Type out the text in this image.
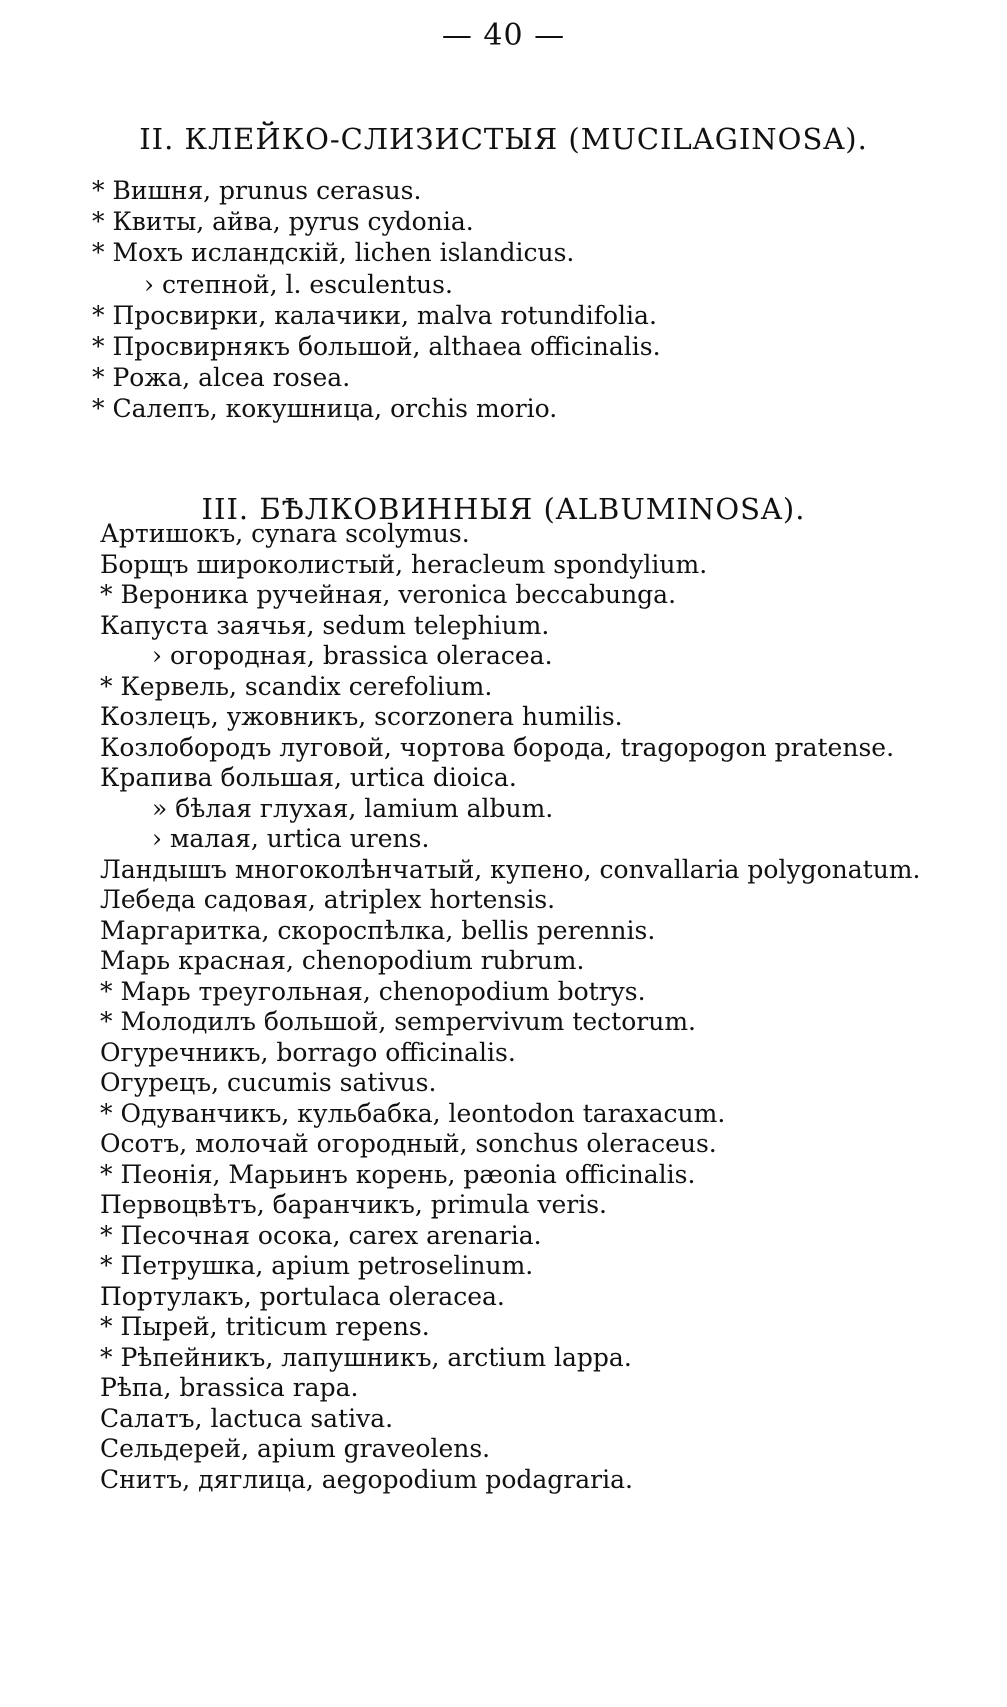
— 40 —
II. КЛЕЙКО-СЛИЗИСТЫЯ (MUCILAGINOSA).
* Вишня, prunus cerasus.
* Квиты, айва, pyrus cydonia.
* Мохъ исландскій, lichen islandicus.
› степной, l. esculentus.
* Просвирки, калачики, malva rotundifolia.
* Просвирнякъ большой, althaea officinalis.
* Рожа, alcea rosea.
* Салепъ, кокушница, orchis morio.
III. БѢЛКОВИННЫЯ (ALBUMINOSA).
Артишокъ, cynara scolymus.
Борщъ широколистый, heracleum spondylium.
* Вероника ручейная, veronica beccabunga.
Капуста заячья, sedum telephium.
› огородная, brassica oleracea.
* Кервель, scandix cerefolium.
Козлецъ, ужовникъ, scorzonera humilis.
Козлобородъ луговой, чортова борода, tragopogon pratense.
Крапива большая, urtica dioica.
» бѣлая глухая, lamium album.
› малая, urtica urens.
Ландышъ многоколѣнчатый, купено, convallaria polygonatum.
Лебеда садовая, atriplex hortensis.
Маргаритка, скороспѣлка, bellis perennis.
Марь красная, chenopodium rubrum.
* Марь треугольная, chenopodium botrys.
* Молодилъ большой, sempervivum tectorum.
Огуречникъ, borrago officinalis.
Огурецъ, cucumis sativus.
* Одуванчикъ, кульбабка, leontodon taraxacum.
Осотъ, молочай огородный, sonchus oleraceus.
* Пеонія, Марьинъ корень, pæonia officinalis.
Первоцвѣтъ, баранчикъ, primula veris.
* Песочная осока, carex arenaria.
* Петрушка, apium petroselinum.
Портулакъ, portulaca oleracea.
* Пырей, triticum repens.
* Рѣпейникъ, лапушникъ, arctium lappa.
Рѣпа, brassica rapa.
Салатъ, lactuca sativa.
Сельдерей, apium graveolens.
Снитъ, дяглица, aegopodium podagraria.
